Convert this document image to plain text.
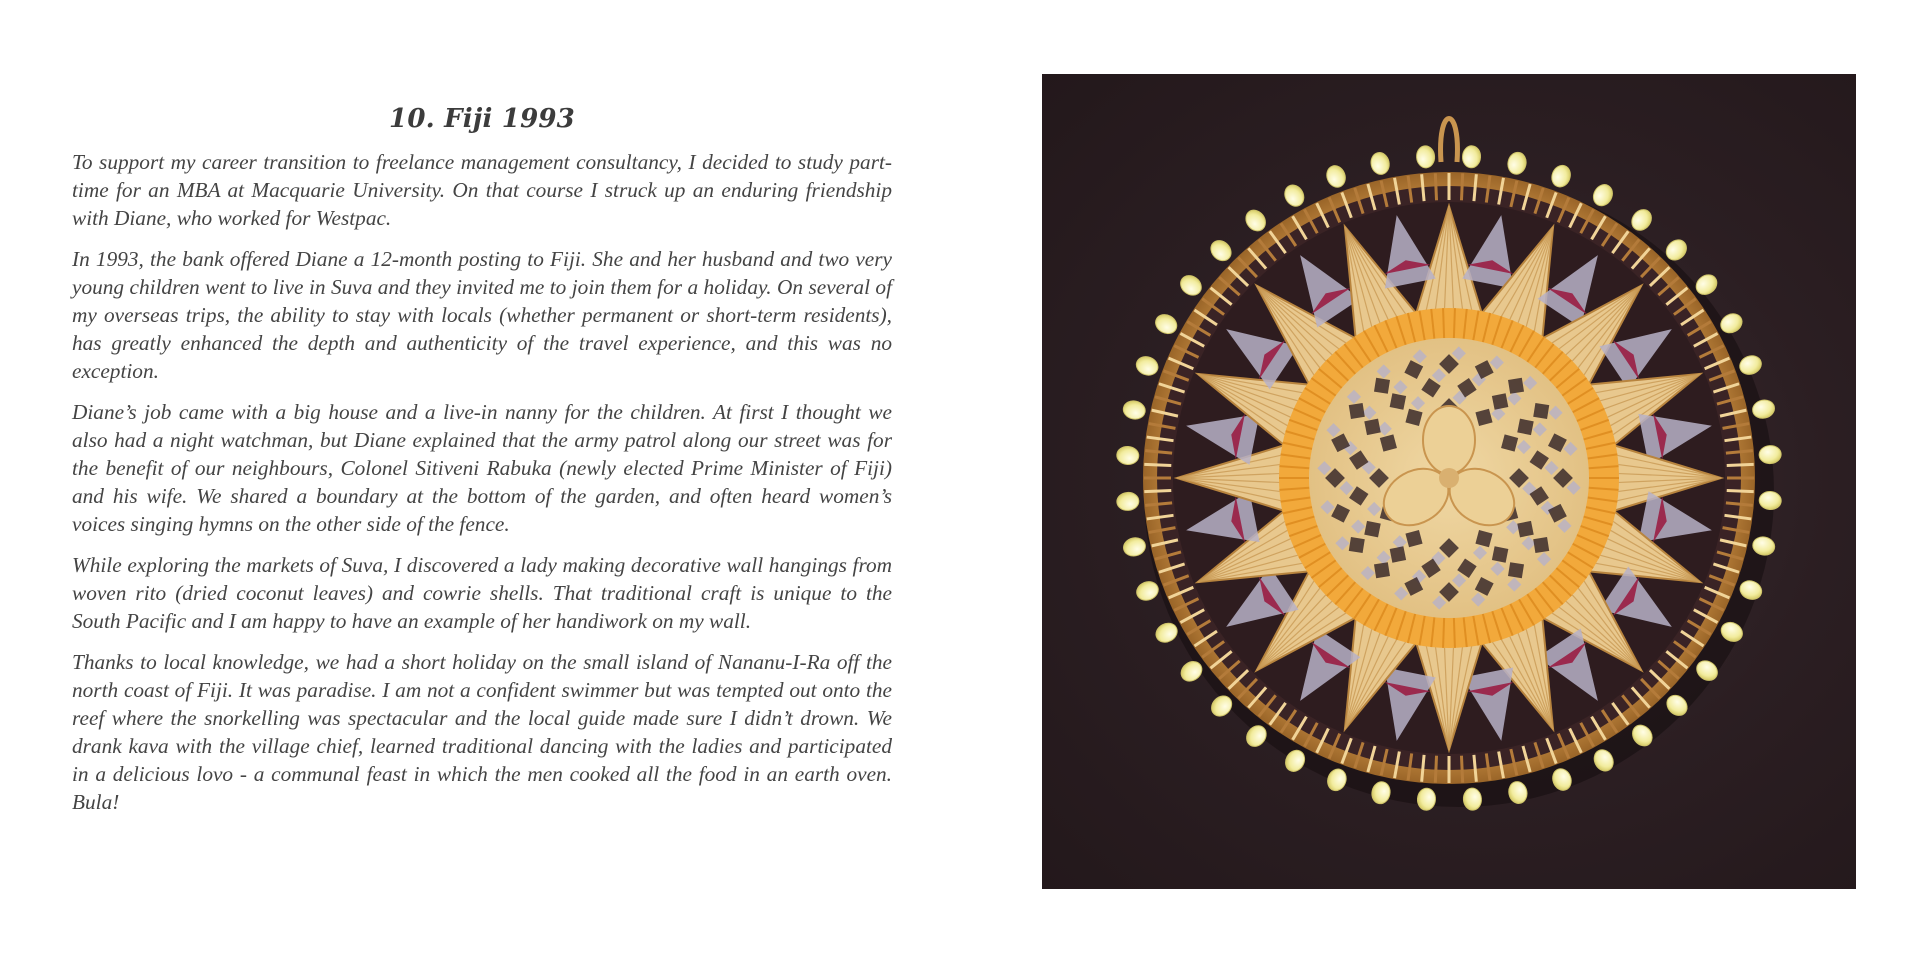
10. Fiji 1993

To support my career transition to freelance management consultancy, I decided to study part-time for an MBA at Macquarie University. On that course I struck up an enduring friendship with Diane, who worked for Westpac.

In 1993, the bank offered Diane a 12-month posting to Fiji. She and her husband and two very young children went to live in Suva and they invited me to join them for a holiday. On several of my overseas trips, the ability to stay with locals (whether permanent or short-term residents), has greatly enhanced the depth and authenticity of the travel experience, and this was no exception.

Diane’s job came with a big house and a live-in nanny for the children. At first I thought we also had a night watchman, but Diane explained that the army patrol along our street was for the benefit of our neighbours, Colonel Sitiveni Rabuka (newly elected Prime Minister of Fiji) and his wife. We shared a boundary at the bottom of the garden, and often heard women’s voices singing hymns on the other side of the fence.

While exploring the markets of Suva, I discovered a lady making decorative wall hangings from woven rito (dried coconut leaves) and cowrie shells. That traditional craft is unique to the South Pacific and I am happy to have an example of her handiwork on my wall.

Thanks to local knowledge, we had a short holiday on the small island of Nananu-I-Ra off the north coast of Fiji. It was paradise. I am not a confident swimmer but was tempted out onto the reef where the snorkelling was spectacular and the local guide made sure I didn’t drown. We drank kava with the village chief, learned traditional dancing with the ladies and participated in a delicious lovo - a communal feast in which the men cooked all the food in an earth oven. Bula!
